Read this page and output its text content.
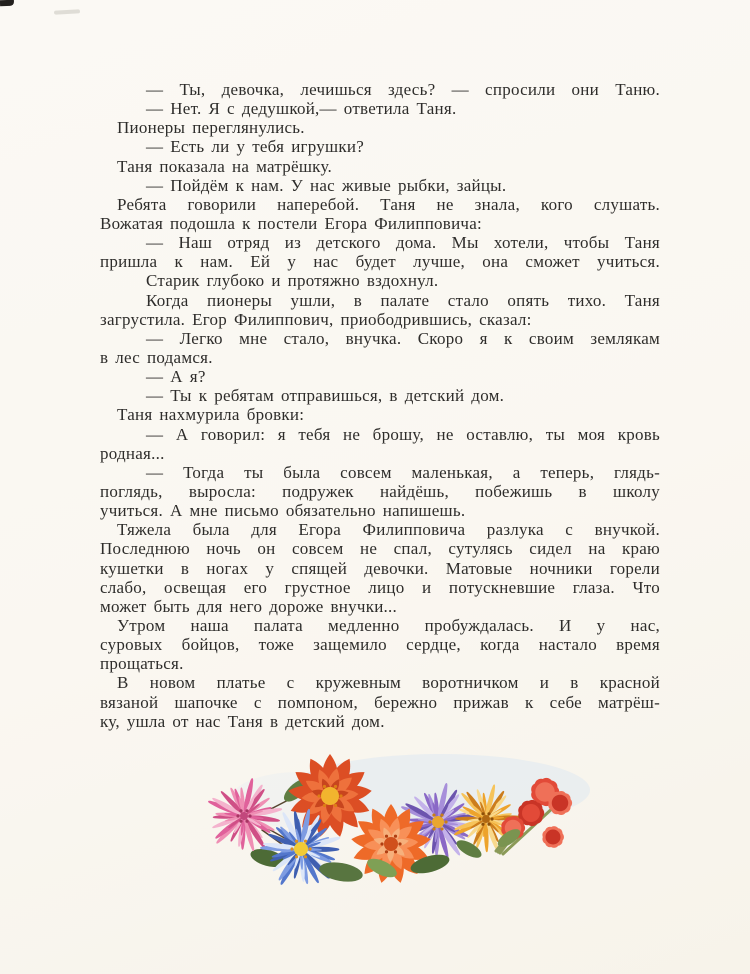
— Ты, девочка, лечишься здесь? — спросили они Таню.
— Нет. Я с дедушкой,— ответила Таня.
Пионеры переглянулись.
— Есть ли у тебя игрушки?
Таня показала на матрёшку.
— Пойдём к нам. У нас живые рыбки, зайцы.
Ребята говорили наперебой. Таня не знала, кого слушать.
Вожатая подошла к постели Егора Филипповича:
— Наш отряд из детского дома. Мы хотели, чтобы Таня
пришла к нам. Ей у нас будет лучше, она сможет учиться.
Старик глубоко и протяжно вздохнул.
Когда пионеры ушли, в палате стало опять тихо. Таня
загрустила. Егор Филиппович, приободрившись, сказал:
— Легко мне стало, внучка. Скоро я к своим землякам
в лес подамся.
— А я?
— Ты к ребятам отправишься, в детский дом.
Таня нахмурила бровки:
— А говорил: я тебя не брошу, не оставлю, ты моя кровь
родная...
— Тогда ты была совсем маленькая, а теперь, глядь-
поглядь, выросла: подружек найдёшь, побежишь в школу
учиться. А мне письмо обязательно напишешь.
Тяжела была для Егора Филипповича разлука с внучкой.
Последнюю ночь он совсем не спал, сутулясь сидел на краю
кушетки в ногах у спящей девочки. Матовые ночники горели
слабо, освещая его грустное лицо и потускневшие глаза. Что
может быть для него дороже внучки...
Утром наша палата медленно пробуждалась. И у нас,
суровых бойцов, тоже защемило сердце, когда настало время
прощаться.
В новом платье с кружевным воротничком и в красной
вязаной шапочке с помпоном, бережно прижав к себе матрёш-
ку, ушла от нас Таня в детский дом.
